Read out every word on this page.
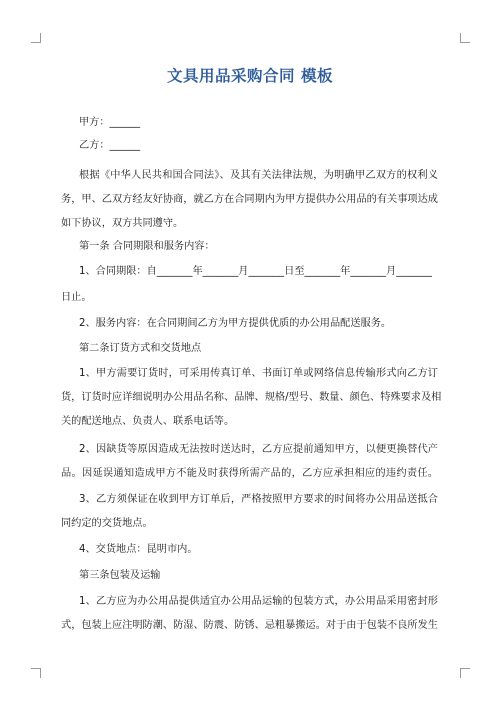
文具用品采购合同 模板
甲方：______
乙方：______
根据《中华人民共和国合同法》、及其有关法律法规，为明确甲乙双方的权利义
务，甲、乙双方经友好协商，就乙方在合同期内为甲方提供办公用品的有关事项达成
如下协议，双方共同遵守。
第一条 合同期限和服务内容：
1、合同期限：自_______年_______月_______日至_______年_______月_______
日止。
2、服务内容：在合同期间乙方为甲方提供优质的办公用品配送服务。
第二条订货方式和交货地点
1、甲方需要订货时，可采用传真订单、书面订单或网络信息传输形式向乙方订
货，订货时应详细说明办公用品名称、品牌、规格/型号、数量、颜色、特殊要求及相
关的配送地点、负责人、联系电话等。
2、因缺货等原因造成无法按时送达时，乙方应提前通知甲方，以便更换替代产
品。因延误通知造成甲方不能及时获得所需产品的，乙方应承担相应的违约责任。
3、乙方须保证在收到甲方订单后，严格按照甲方要求的时间将办公用品送抵合
同约定的交货地点。
4、交货地点：昆明市内。
第三条包装及运输
1、乙方应为办公用品提供适宜办公用品运输的包装方式，办公用品采用密封形
式，包装上应注明防潮、防湿、防震、防锈、忌粗暴搬运。对于由于包装不良所发生
